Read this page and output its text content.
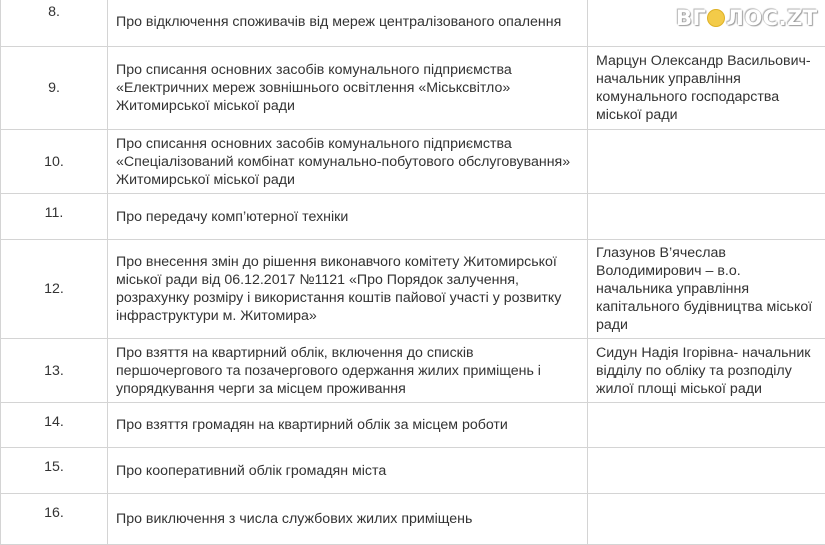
8.	Про відключення споживачів від мереж централізованого опалення	
9.	Про списання основних засобів комунального підприємства «Електричних мереж зовнішнього освітлення «Міськсвітло» Житомирської міської ради	Марцун Олександр Васильович- начальник управління комунального господарства міської ради
10.	Про списання основних засобів комунального підприємства «Спеціалізований комбінат комунально-побутового обслуговування» Житомирської міської ради	
11.	Про передачу комп’ютерної техніки	
12.	Про внесення змін до рішення виконавчого комітету Житомирської міської ради від 06.12.2017 №1121 «Про Порядок залучення, розрахунку розміру і використання коштів пайової участі у розвитку інфраструктури м. Житомира»	Глазунов В’ячеслав Володимирович – в.о. начальника управління капітального будівництва міської ради
13.	Про взяття на квартирний облік, включення до списків першочергового та позачергового одержання жилих приміщень і упорядкування черги за місцем проживання	Сидун Надія Ігорівна- начальник відділу по обліку та розподілу жилої площі міської ради
14.	Про взяття громадян на квартирний облік за місцем роботи	
15.	Про кооперативний облік громадян міста	
16.	Про виключення з числа службових жилих приміщень	
ВГ ЛОС.ZT
